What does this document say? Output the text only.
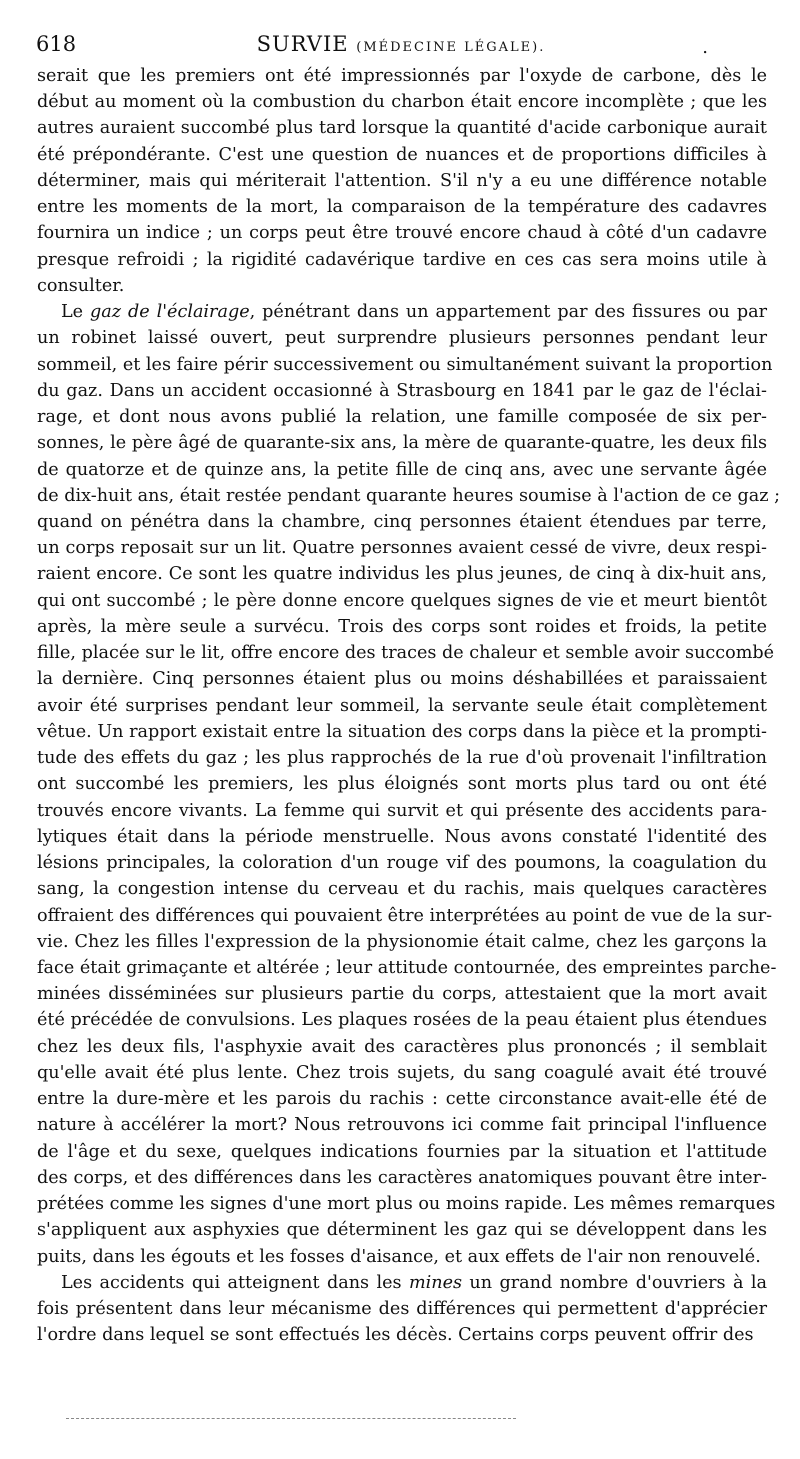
618	SURVIE (MÉDECINE LÉGALE).	.

serait que les premiers ont été impressionnés par l'oxyde de carbone, dès le
début au moment où la combustion du charbon était encore incomplète ; que les
autres auraient succombé plus tard lorsque la quantité d'acide carbonique aurait
été prépondérante. C'est une question de nuances et de proportions difficiles à
déterminer, mais qui mériterait l'attention. S'il n'y a eu une différence notable
entre les moments de la mort, la comparaison de la température des cadavres
fournira un indice ; un corps peut être trouvé encore chaud à côté d'un cadavre
presque refroidi ; la rigidité cadavérique tardive en ces cas sera moins utile à
consulter.

Le gaz de l'éclairage, pénétrant dans un appartement par des fissures ou par
un robinet laissé ouvert, peut surprendre plusieurs personnes pendant leur
sommeil, et les faire périr successivement ou simultanément suivant la proportion
du gaz. Dans un accident occasionné à Strasbourg en 1841 par le gaz de l'éclai-
rage, et dont nous avons publié la relation, une famille composée de six per-
sonnes, le père âgé de quarante-six ans, la mère de quarante-quatre, les deux fils
de quatorze et de quinze ans, la petite fille de cinq ans, avec une servante âgée
de dix-huit ans, était restée pendant quarante heures soumise à l'action de ce gaz ;
quand on pénétra dans la chambre, cinq personnes étaient étendues par terre,
un corps reposait sur un lit. Quatre personnes avaient cessé de vivre, deux respi-
raient encore. Ce sont les quatre individus les plus jeunes, de cinq à dix-huit ans,
qui ont succombé ; le père donne encore quelques signes de vie et meurt bientôt
après, la mère seule a survécu. Trois des corps sont roides et froids, la petite
fille, placée sur le lit, offre encore des traces de chaleur et semble avoir succombé
la dernière. Cinq personnes étaient plus ou moins déshabillées et paraissaient
avoir été surprises pendant leur sommeil, la servante seule était complètement
vêtue. Un rapport existait entre la situation des corps dans la pièce et la prompti-
tude des effets du gaz ; les plus rapprochés de la rue d'où provenait l'infiltration
ont succombé les premiers, les plus éloignés sont morts plus tard ou ont été
trouvés encore vivants. La femme qui survit et qui présente des accidents para-
lytiques était dans la période menstruelle. Nous avons constaté l'identité des
lésions principales, la coloration d'un rouge vif des poumons, la coagulation du
sang, la congestion intense du cerveau et du rachis, mais quelques caractères
offraient des différences qui pouvaient être interprétées au point de vue de la sur-
vie. Chez les filles l'expression de la physionomie était calme, chez les garçons la
face était grimaçante et altérée ; leur attitude contournée, des empreintes parche-
minées disséminées sur plusieurs partie du corps, attestaient que la mort avait
été précédée de convulsions. Les plaques rosées de la peau étaient plus étendues
chez les deux fils, l'asphyxie avait des caractères plus prononcés ; il semblait
qu'elle avait été plus lente. Chez trois sujets, du sang coagulé avait été trouvé
entre la dure-mère et les parois du rachis : cette circonstance avait-elle été de
nature à accélérer la mort? Nous retrouvons ici comme fait principal l'influence
de l'âge et du sexe, quelques indications fournies par la situation et l'attitude
des corps, et des différences dans les caractères anatomiques pouvant être inter-
prétées comme les signes d'une mort plus ou moins rapide. Les mêmes remarques
s'appliquent aux asphyxies que déterminent les gaz qui se développent dans les
puits, dans les égouts et les fosses d'aisance, et aux effets de l'air non renouvelé.

Les accidents qui atteignent dans les mines un grand nombre d'ouvriers à la
fois présentent dans leur mécanisme des différences qui permettent d'apprécier
l'ordre dans lequel se sont effectués les décès. Certains corps peuvent offrir des
